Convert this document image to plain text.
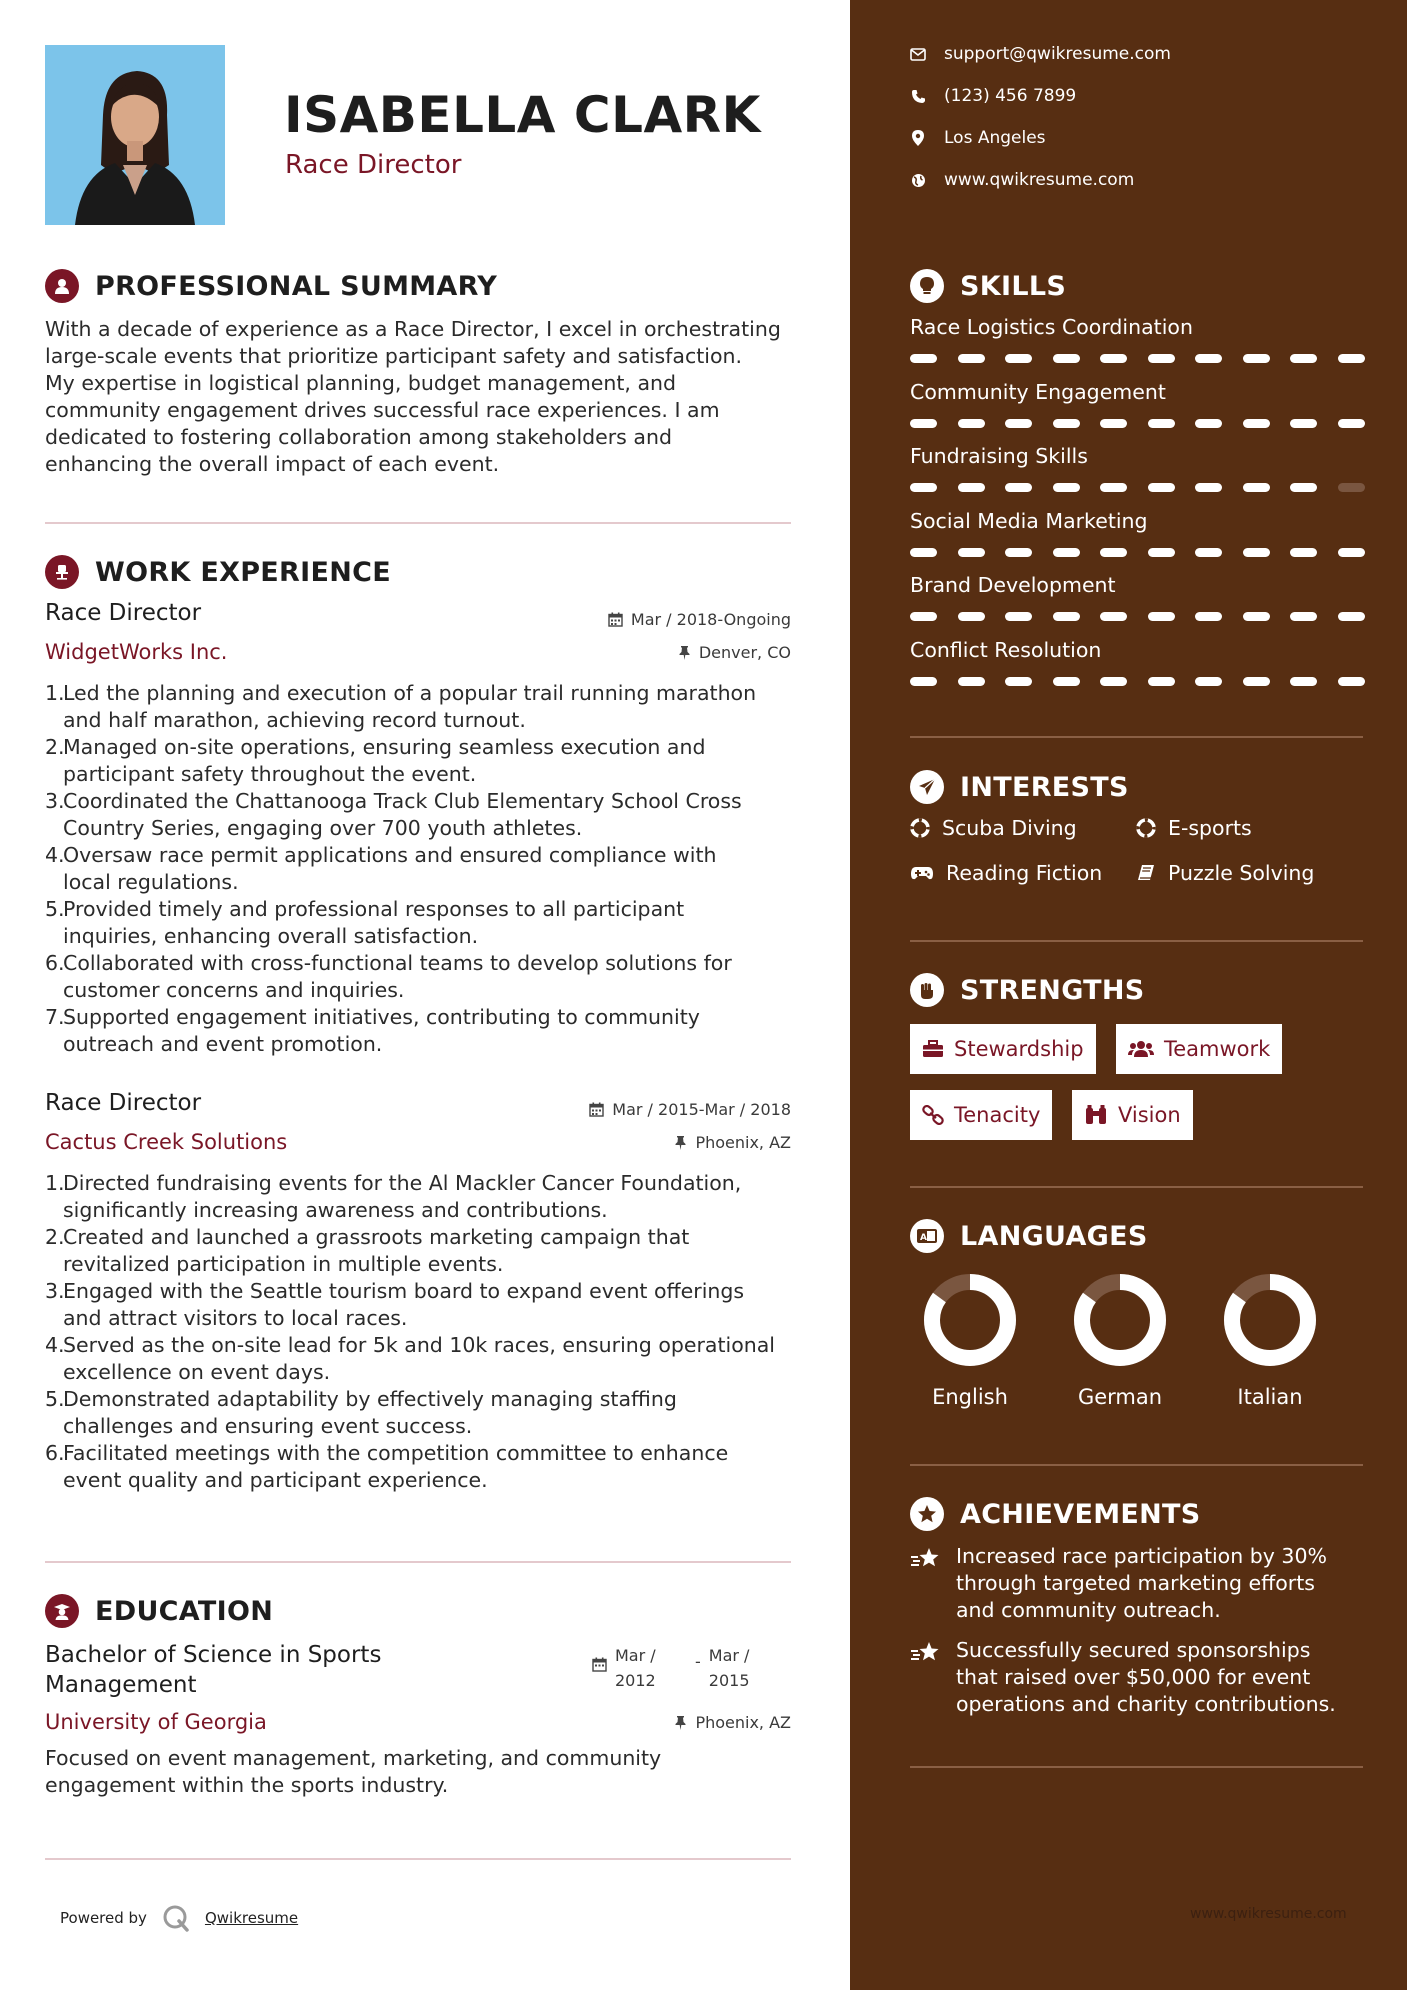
ISABELLA CLARK
Race Director
PROFESSIONAL SUMMARY
With a decade of experience as a Race Director, I excel in orchestrating
large-scale events that prioritize participant safety and satisfaction.
My expertise in logistical planning, budget management, and
community engagement drives successful race experiences. I am
dedicated to fostering collaboration among stakeholders and
enhancing the overall impact of each event.
WORK EXPERIENCE
Race Director	Mar / 2018-Ongoing
WidgetWorks Inc.	Denver, CO
1.
Led the planning and execution of a popular trail running marathon
and half marathon, achieving record turnout.
2.
Managed on-site operations, ensuring seamless execution and
participant safety throughout the event.
3.
Coordinated the Chattanooga Track Club Elementary School Cross
Country Series, engaging over 700 youth athletes.
4.
Oversaw race permit applications and ensured compliance with
local regulations.
5.
Provided timely and professional responses to all participant
inquiries, enhancing overall satisfaction.
6.
Collaborated with cross-functional teams to develop solutions for
customer concerns and inquiries.
7.
Supported engagement initiatives, contributing to community
outreach and event promotion.
Race Director	Mar / 2015-Mar / 2018
Cactus Creek Solutions	Phoenix, AZ
1.
Directed fundraising events for the Al Mackler Cancer Foundation,
significantly increasing awareness and contributions.
2.
Created and launched a grassroots marketing campaign that
revitalized participation in multiple events.
3.
Engaged with the Seattle tourism board to expand event offerings
and attract visitors to local races.
4.
Served as the on-site lead for 5k and 10k races, ensuring operational
excellence on event days.
5.
Demonstrated adaptability by effectively managing staffing
challenges and ensuring event success.
6.
Facilitated meetings with the competition committee to enhance
event quality and participant experience.
EDUCATION
Bachelor of Science in Sports
Management
Mar /
2012
- Mar /
2015
University of Georgia	Phoenix, AZ
Focused on event management, marketing, and community
engagement within the sports industry.
Powered by	Qwikresume
support@qwikresume.com
(123) 456 7899
Los Angeles
www.qwikresume.com
SKILLS
Race Logistics Coordination
Community Engagement
Fundraising Skills
Social Media Marketing
Brand Development
Conflict Resolution
INTERESTS
Scuba Diving	E-sports
Reading Fiction	Puzzle Solving
STRENGTHS
Stewardship	Teamwork
Tenacity	Vision
A LANGUAGES
English	German	Italian
ACHIEVEMENTS
Increased race participation by 30%
through targeted marketing efforts
and community outreach.
Successfully secured sponsorships
that raised over $50,000 for event
operations and charity contributions.
www.qwikresume.com
